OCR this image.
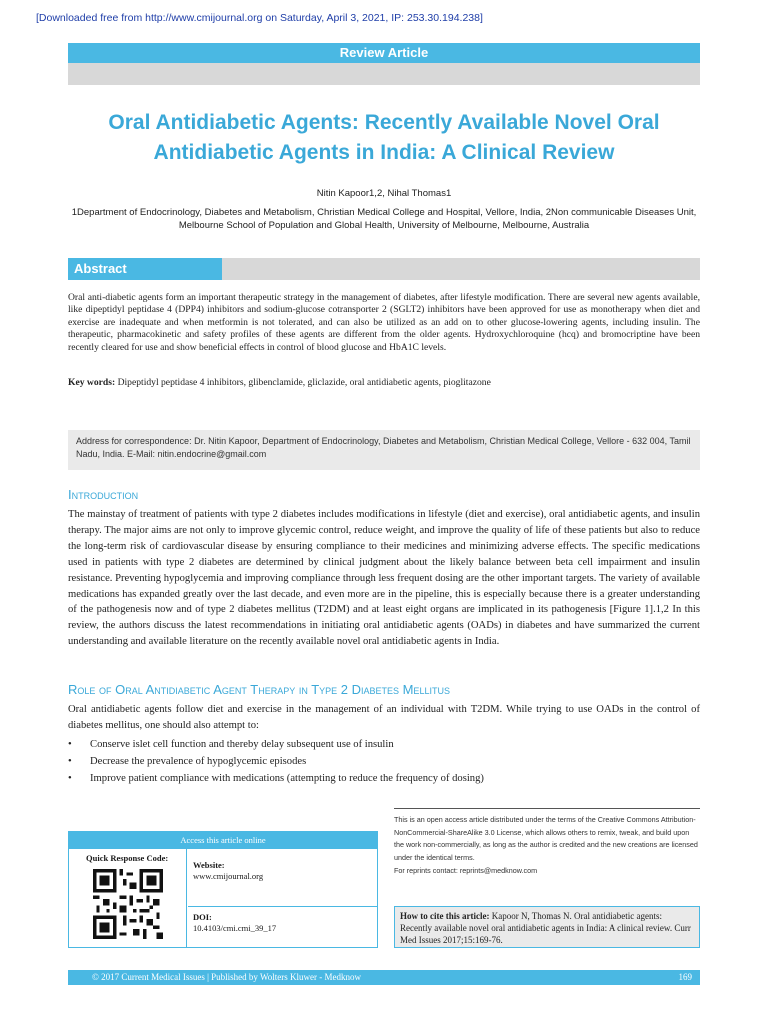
[Downloaded free from http://www.cmijournal.org on Saturday, April 3, 2021, IP: 253.30.194.238]
Review Article
Oral Antidiabetic Agents: Recently Available Novel Oral
Antidiabetic Agents in India: A Clinical Review
Nitin Kapoor1,2, Nihal Thomas1
1Department of Endocrinology, Diabetes and Metabolism, Christian Medical College and Hospital, Vellore, India, 2Non communicable Diseases Unit, Melbourne School of Population and Global Health, University of Melbourne, Melbourne, Australia
Abstract
Oral anti-diabetic agents form an important therapeutic strategy in the management of diabetes, after lifestyle modification. There are several new agents available, like dipeptidyl peptidase 4 (DPP4) inhibitors and sodium-glucose cotransporter 2 (SGLT2) inhibitors have been approved for use as monotherapy when diet and exercise are inadequate and when metformin is not tolerated, and can also be utilized as an add on to other glucose-lowering agents, including insulin. The therapeutic, pharmacokinetic and safety profiles of these agents are different from the older agents. Hydroxychloroquine (hcq) and bromocriptine have been recently cleared for use and show beneficial effects in control of blood glucose and HbA1C levels.
Key words: Dipeptidyl peptidase 4 inhibitors, glibenclamide, gliclazide, oral antidiabetic agents, pioglitazone
Address for correspondence: Dr. Nitin Kapoor, Department of Endocrinology, Diabetes and Metabolism, Christian Medical College, Vellore - 632 004, Tamil Nadu, India. E-Mail: nitin.endocrine@gmail.com
Introduction
The mainstay of treatment of patients with type 2 diabetes includes modifications in lifestyle (diet and exercise), oral antidiabetic agents, and insulin therapy. The major aims are not only to improve glycemic control, reduce weight, and improve the quality of life of these patients but also to reduce the long-term risk of cardiovascular disease by ensuring compliance to their medicines and minimizing adverse effects. The specific medications used in patients with type 2 diabetes are determined by clinical judgment about the likely balance between beta cell impairment and insulin resistance. Preventing hypoglycemia and improving compliance through less frequent dosing are the other important targets. The variety of available medications has expanded greatly over the last decade, and even more are in the pipeline, this is especially because there is a greater understanding of the pathogenesis now and of type 2 diabetes mellitus (T2DM) and at least eight organs are implicated in its pathogenesis [Figure 1].1,2 In this review, the authors discuss the latest recommendations in initiating oral antidiabetic agents (OADs) in diabetes and have summarized the current understanding and available literature on the recently available novel oral antidiabetic agents in India.
Role of Oral Antidiabetic Agent Therapy in Type 2 Diabetes Mellitus
Oral antidiabetic agents follow diet and exercise in the management of an individual with T2DM. While trying to use OADs in the control of diabetes mellitus, one should also attempt to:
• Conserve islet cell function and thereby delay subsequent use of insulin
• Decrease the prevalence of hypoglycemic episodes
• Improve patient compliance with medications (attempting to reduce the frequency of dosing)
Access this article online
Quick Response Code:
Website:
www.cmijournal.org
DOI:
10.4103/cmi.cmi_39_17
This is an open access article distributed under the terms of the Creative Commons Attribution-NonCommercial-ShareAlike 3.0 License, which allows others to remix, tweak, and build upon the work non-commercially, as long as the author is credited and the new creations are licensed under the identical terms.
For reprints contact: reprints@medknow.com
How to cite this article: Kapoor N, Thomas N. Oral antidiabetic agents: Recently available novel oral antidiabetic agents in India: A clinical review. Curr Med Issues 2017;15:169-76.
© 2017 Current Medical Issues | Published by Wolters Kluwer - Medknow	169
